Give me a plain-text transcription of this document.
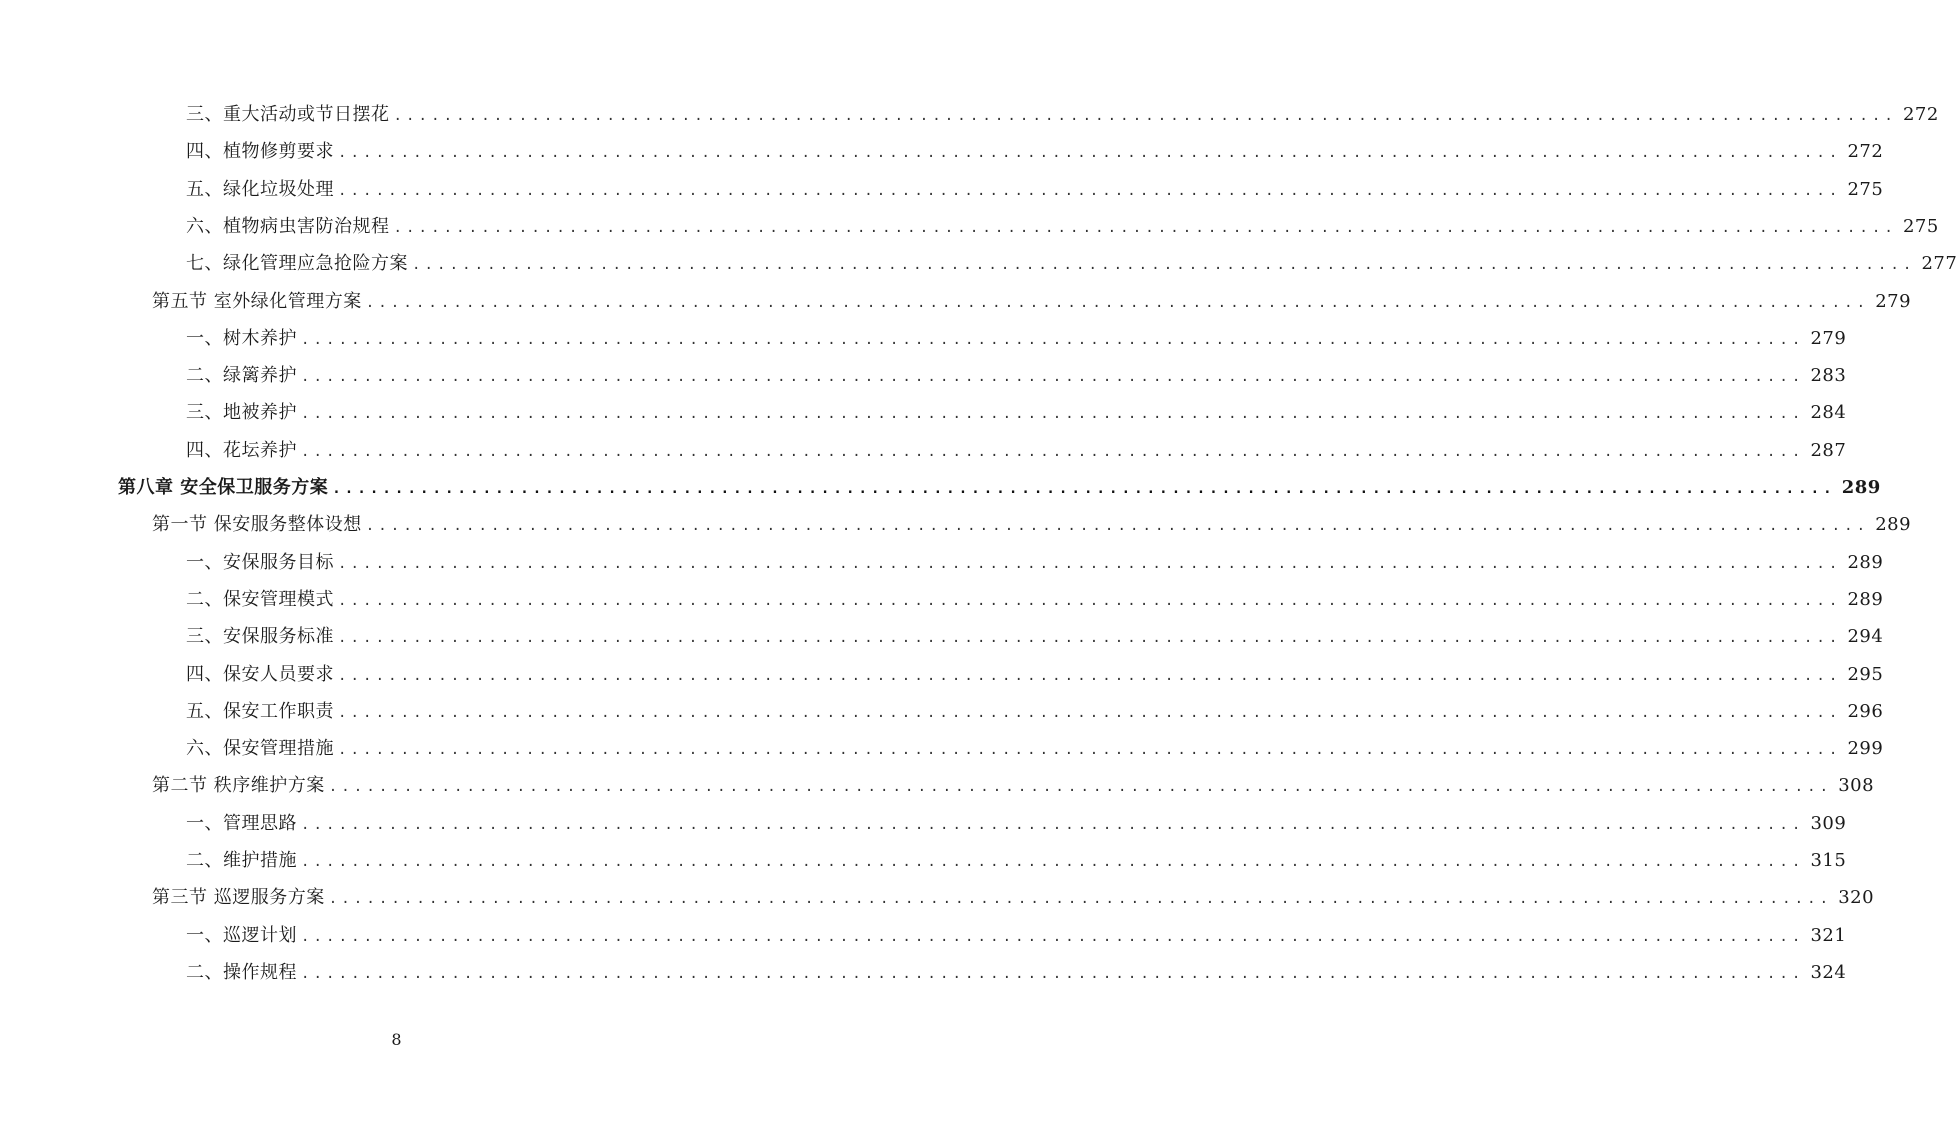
三、重大活动或节日摆花 ........................................................................................................................ 272
四、植物修剪要求 ........................................................................................................................ 272
五、绿化垃圾处理 ........................................................................................................................ 275
六、植物病虫害防治规程 ........................................................................................................................ 275
七、绿化管理应急抢险方案 ........................................................................................................................ 277
第五节 室外绿化管理方案 ........................................................................................................................ 279
一、树木养护 ........................................................................................................................ 279
二、绿篱养护 ........................................................................................................................ 283
三、地被养护 ........................................................................................................................ 284
四、花坛养护 ........................................................................................................................ 287
第八章 安全保卫服务方案 ........................................................................................................................ 289
第一节 保安服务整体设想 ........................................................................................................................ 289
一、安保服务目标 ........................................................................................................................ 289
二、保安管理模式 ........................................................................................................................ 289
三、安保服务标准 ........................................................................................................................ 294
四、保安人员要求 ........................................................................................................................ 295
五、保安工作职责 ........................................................................................................................ 296
六、保安管理措施 ........................................................................................................................ 299
第二节 秩序维护方案 ........................................................................................................................ 308
一、管理思路 ........................................................................................................................ 309
二、维护措施 ........................................................................................................................ 315
第三节 巡逻服务方案 ........................................................................................................................ 320
一、巡逻计划 ........................................................................................................................ 321
二、操作规程 ........................................................................................................................ 324
8
